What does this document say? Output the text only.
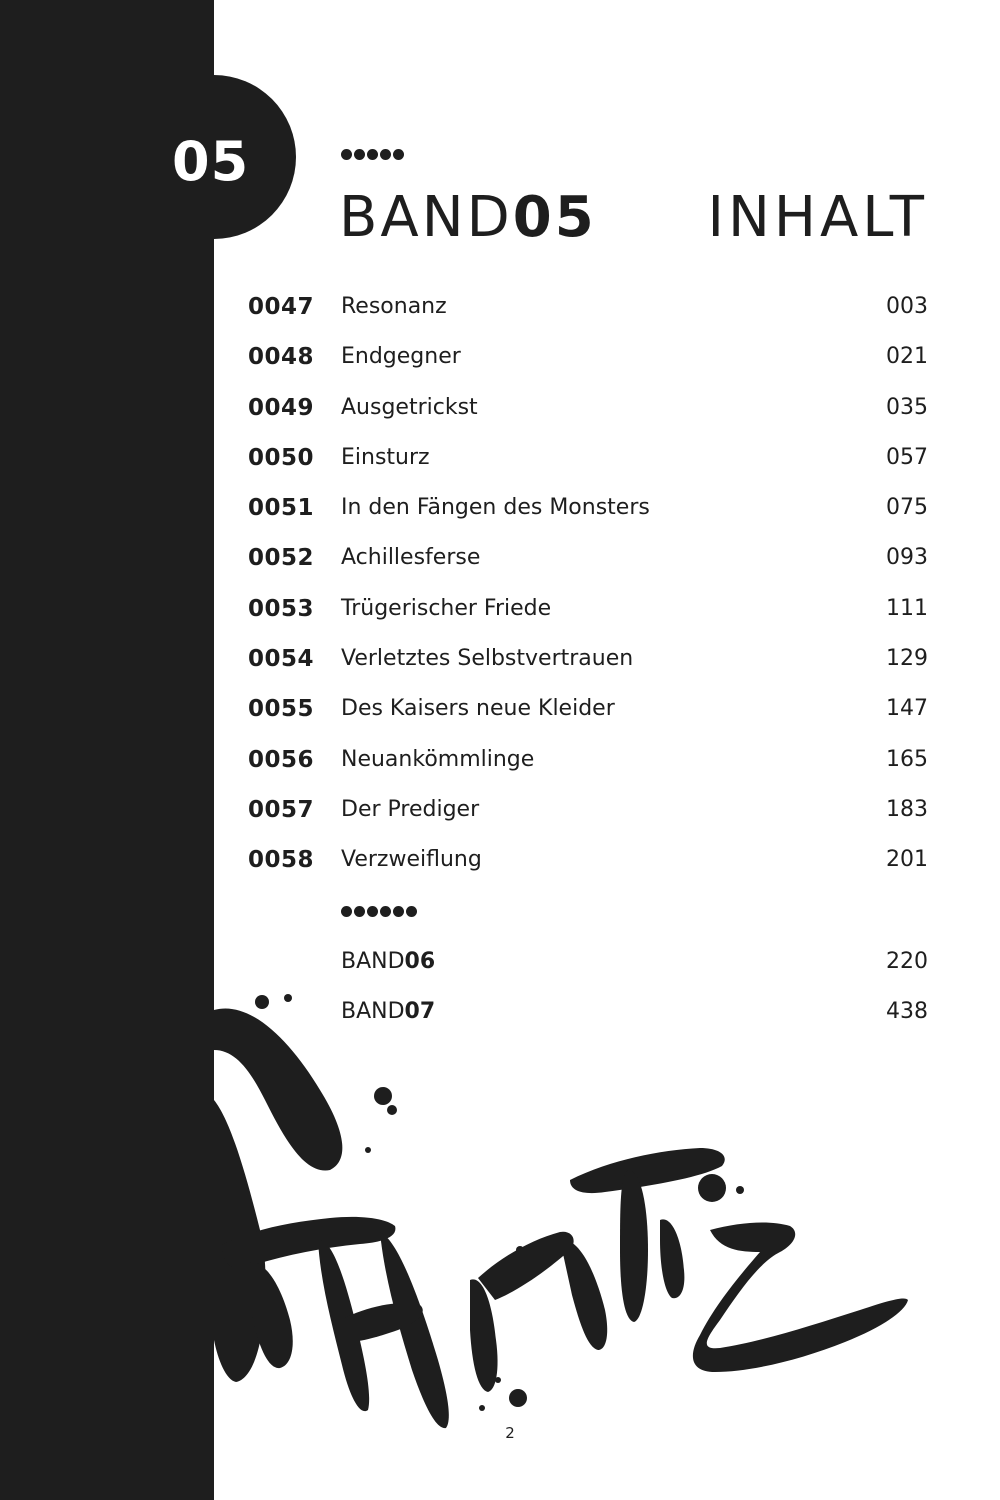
05
BAND05 INHALT
0047 Resonanz	003
0048 Endgegner	021
0049 Ausgetrickst	035
0050 Einsturz	057
0051 In den Fängen des Monsters	075
0052 Achillesferse	093
0053 Trügerischer Friede	111
0054 Verletztes Selbstvertrauen	129
0055 Des Kaisers neue Kleider	147
0056 Neuankömmlinge	165
0057 Der Prediger	183
0058 Verzweiflung	201
BAND06	220
BAND07	438
2
